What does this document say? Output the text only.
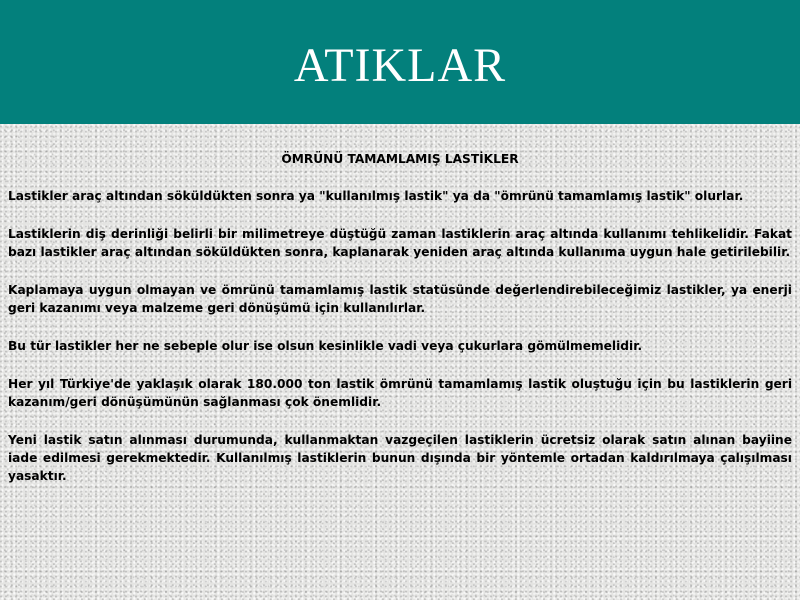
ATIKLAR
ÖMRÜNÜ TAMAMLAMIŞ LASTİKLER

Lastikler araç altından söküldükten sonra ya "kullanılmış lastik" ya da "ömrünü tamamlamış lastik" olurlar.

Lastiklerin diş derinliği belirli bir milimetreye düştüğü zaman lastiklerin araç altında kullanımı tehlikelidir. Fakat bazı lastikler araç altından söküldükten sonra, kaplanarak yeniden araç altında kullanıma uygun hale getirilebilir.

Kaplamaya uygun olmayan ve ömrünü tamamlamış lastik statüsünde değerlendirebileceğimiz lastikler, ya enerji geri kazanımı veya malzeme geri dönüşümü için kullanılırlar.

Bu tür lastikler her ne sebeple olur ise olsun kesinlikle vadi veya çukurlara gömülmemelidir.

Her yıl Türkiye'de yaklaşık olarak 180.000 ton lastik ömrünü tamamlamış lastik oluştuğu için bu lastiklerin geri kazanım/geri dönüşümünün sağlanması çok önemlidir.

Yeni lastik satın alınması durumunda, kullanmaktan vazgeçilen lastiklerin ücretsiz olarak satın alınan bayiine iade edilmesi gerekmektedir. Kullanılmış lastiklerin bunun dışında bir yöntemle ortadan kaldırılmaya çalışılması yasaktır.
